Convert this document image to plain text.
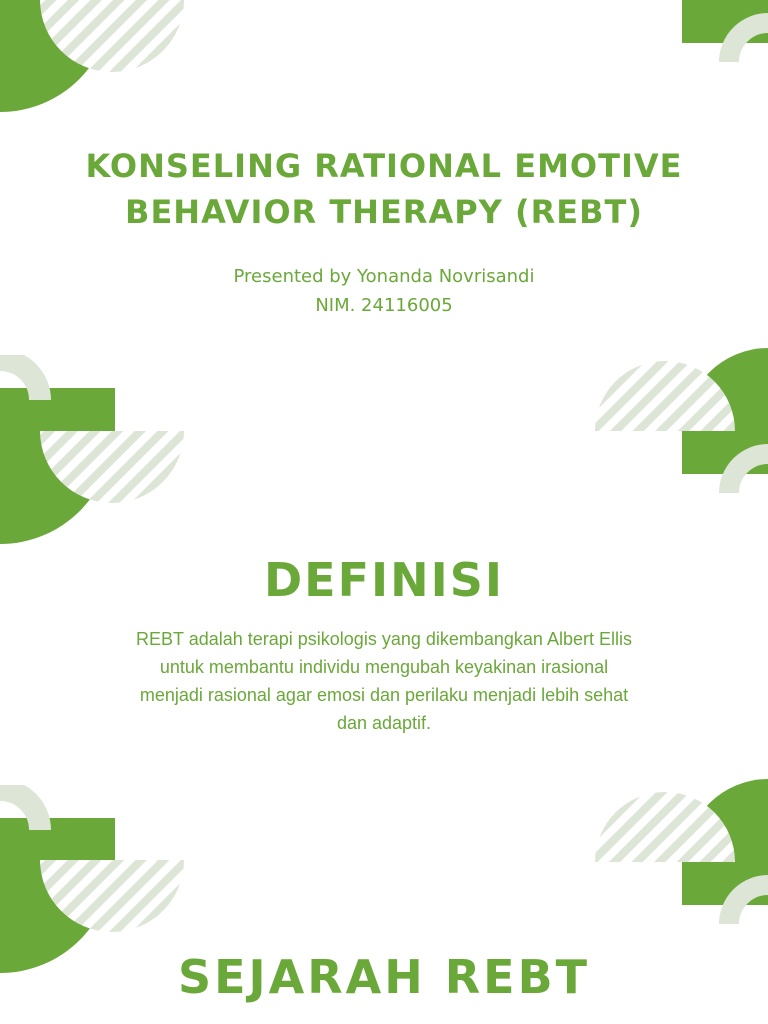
KONSELING RATIONAL EMOTIVE
BEHAVIOR THERAPY (REBT)
Presented by Yonanda Novrisandi
NIM. 24116005
DEFINISI

REBT adalah terapi psikologis yang dikembangkan Albert Ellis untuk membantu individu mengubah keyakinan irasional menjadi rasional agar emosi dan perilaku menjadi lebih sehat dan adaptif.

SEJARAH REBT
